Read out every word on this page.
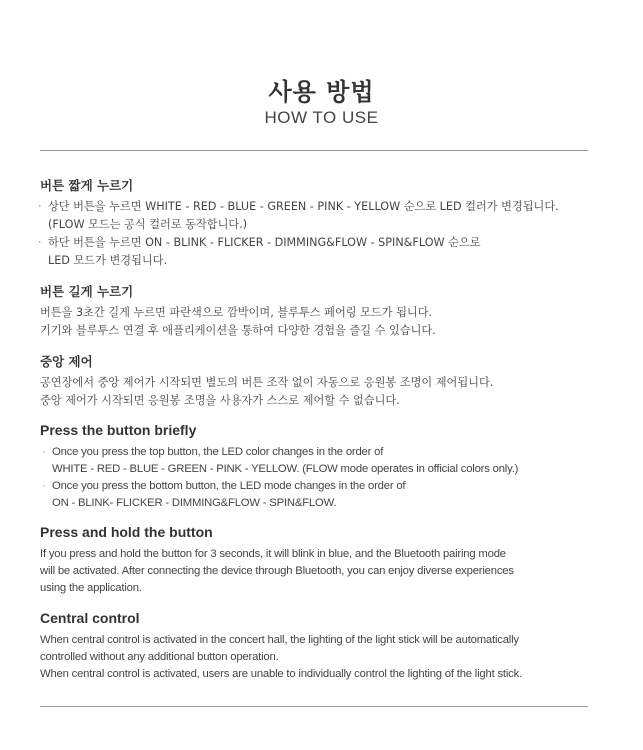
사용 방법
HOW TO USE
버튼 짧게 누르기
· 상단 버튼을 누르면 WHITE - RED - BLUE - GREEN - PINK - YELLOW 순으로 LED 컬러가 변경됩니다.
(FLOW 모드는 공식 컬러로 동작합니다.)
· 하단 버튼을 누르면 ON - BLINK - FLICKER - DIMMING&FLOW - SPIN&FLOW 순으로
LED 모드가 변경됩니다.
버튼 길게 누르기
버튼을 3초간 길게 누르면 파란색으로 깜박이며, 블루투스 페어링 모드가 됩니다.
기기와 블루투스 연결 후 애플리케이션을 통하여 다양한 경험을 즐길 수 있습니다.
중앙 제어
공연장에서 중앙 제어가 시작되면 별도의 버튼 조작 없이 자동으로 응원봉 조명이 제어됩니다.
중앙 제어가 시작되면 응원봉 조명을 사용자가 스스로 제어할 수 없습니다.
Press the button briefly
· Once you press the top button, the LED color changes in the order of
WHITE - RED - BLUE - GREEN - PINK - YELLOW. (FLOW mode operates in official colors only.)
· Once you press the bottom button, the LED mode changes in the order of
ON - BLINK- FLICKER - DIMMING&FLOW - SPIN&FLOW.
Press and hold the button
If you press and hold the button for 3 seconds, it will blink in blue, and the Bluetooth pairing mode
will be activated. After connecting the device through Bluetooth, you can enjoy diverse experiences
using the application.
Central control
When central control is activated in the concert hall, the lighting of the light stick will be automatically
controlled without any additional button operation.
When central control is activated, users are unable to individually control the lighting of the light stick.
